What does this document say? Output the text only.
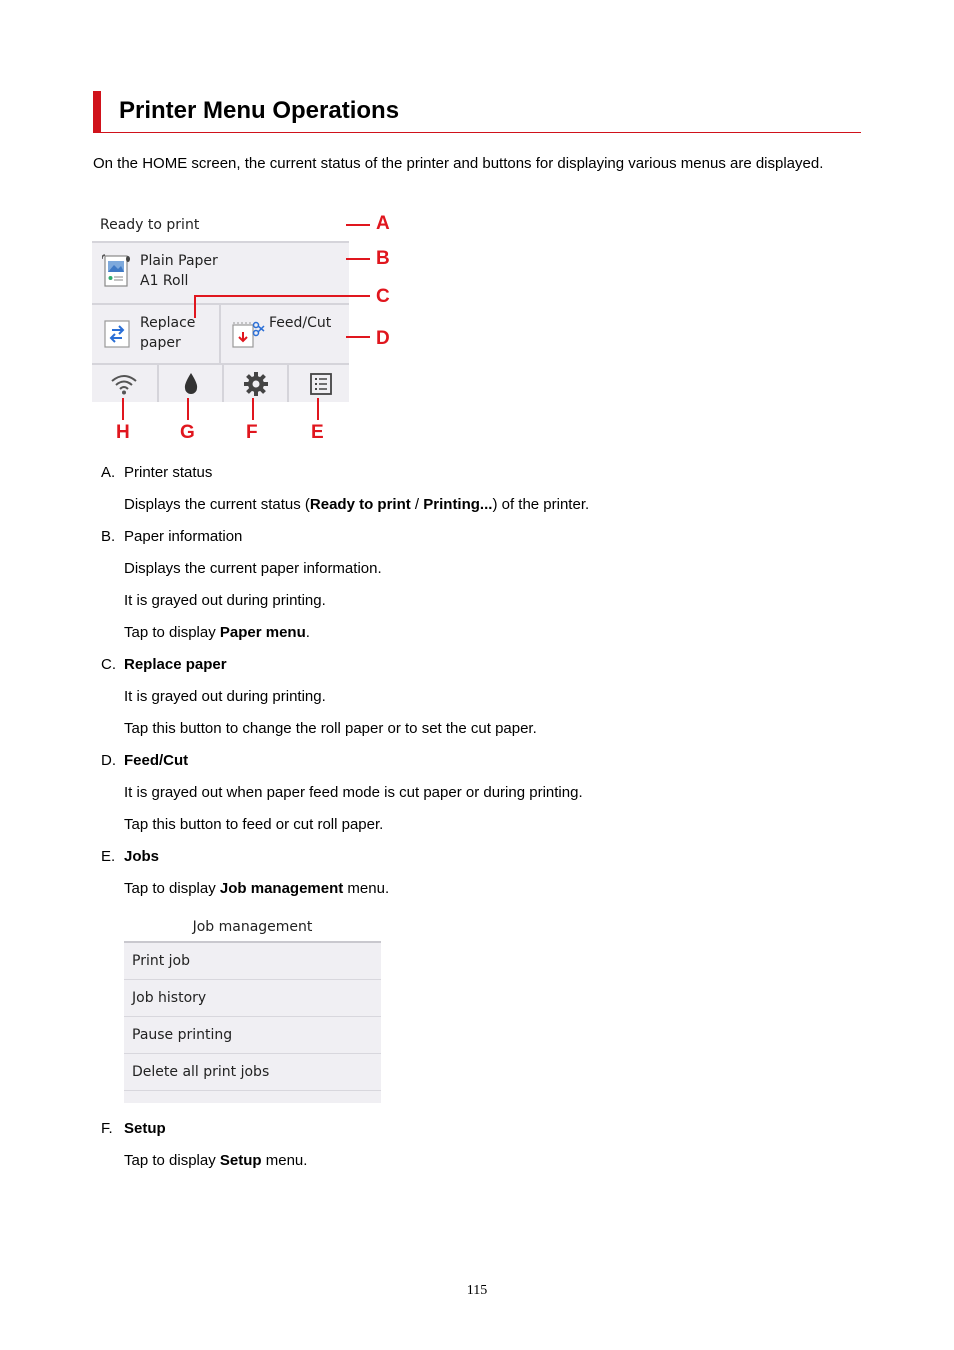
Printer Menu Operations
On the HOME screen, the current status of the printer and buttons for displaying various menus are displayed.
Ready to print
Plain Paper
A1 Roll
Replace
paper
Feed/Cut
A
B
C
D
E
F
G
H
A. Printer status
Displays the current status (Ready to print / Printing...) of the printer.
B. Paper information
Displays the current paper information.
It is grayed out during printing.
Tap to display Paper menu.
C. Replace paper
It is grayed out during printing.
Tap this button to change the roll paper or to set the cut paper.
D. Feed/Cut
It is grayed out when paper feed mode is cut paper or during printing.
Tap this button to feed or cut roll paper.
E. Jobs
Tap to display Job management menu.
F. Setup
Tap to display Setup menu.
Job management
Print job
Job history
Pause printing
Delete all print jobs
115
